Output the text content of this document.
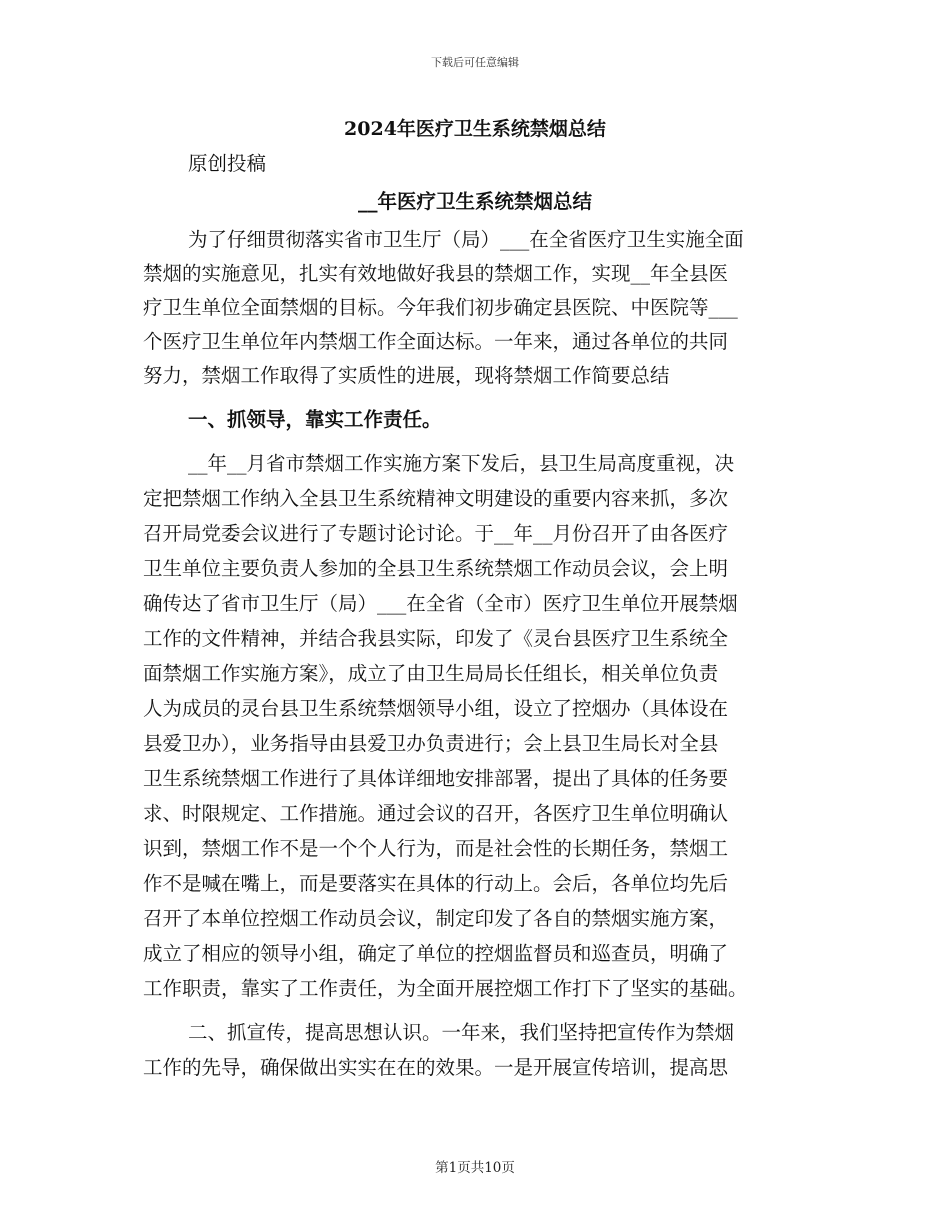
下载后可任意编辑
2024年医疗卫生系统禁烟总结
原创投稿
__年医疗卫生系统禁烟总结
为了仔细贯彻落实省市卫生厅（局）___在全省医疗卫生实施全面
禁烟的实施意见，扎实有效地做好我县的禁烟工作，实现__年全县医
疗卫生单位全面禁烟的目标。今年我们初步确定县医院、中医院等___
个医疗卫生单位年内禁烟工作全面达标。一年来，通过各单位的共同
努力，禁烟工作取得了实质性的进展，现将禁烟工作简要总结
一、抓领导，靠实工作责任。
__年__月省市禁烟工作实施方案下发后，县卫生局高度重视，决
定把禁烟工作纳入全县卫生系统精神文明建设的重要内容来抓，多次
召开局党委会议进行了专题讨论讨论。于__年__月份召开了由各医疗
卫生单位主要负责人参加的全县卫生系统禁烟工作动员会议，会上明
确传达了省市卫生厅（局）___在全省（全市）医疗卫生单位开展禁烟
工作的文件精神，并结合我县实际，印发了《灵台县医疗卫生系统全
面禁烟工作实施方案》，成立了由卫生局局长任组长，相关单位负责
人为成员的灵台县卫生系统禁烟领导小组，设立了控烟办（具体设在
县爱卫办），业务指导由县爱卫办负责进行；会上县卫生局长对全县
卫生系统禁烟工作进行了具体详细地安排部署，提出了具体的任务要
求、时限规定、工作措施。通过会议的召开，各医疗卫生单位明确认
识到，禁烟工作不是一个个人行为，而是社会性的长期任务，禁烟工
作不是喊在嘴上，而是要落实在具体的行动上。会后，各单位均先后
召开了本单位控烟工作动员会议，制定印发了各自的禁烟实施方案，
成立了相应的领导小组，确定了单位的控烟监督员和巡查员，明确了
工作职责，靠实了工作责任，为全面开展控烟工作打下了坚实的基础。
二、抓宣传，提高思想认识。一年来，我们坚持把宣传作为禁烟
工作的先导，确保做出实实在在的效果。一是开展宣传培训，提高思
第1页共10页
